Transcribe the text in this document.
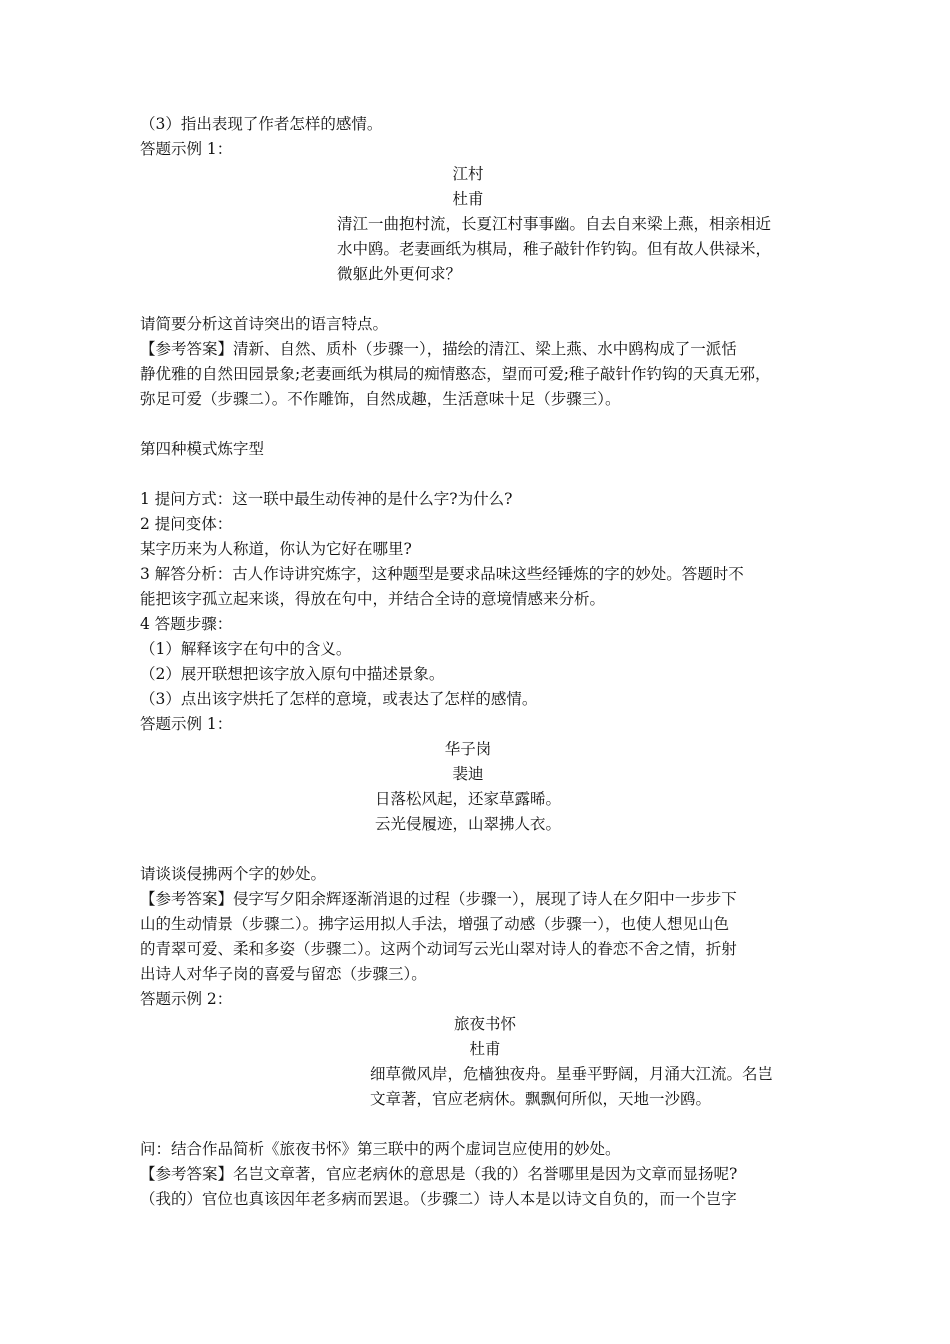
（3）指出表现了作者怎样的感情。
答题示例 1：
江村
杜甫
清江一曲抱村流，长夏江村事事幽。自去自来梁上燕，相亲相近
水中鸥。老妻画纸为棋局，稚子敲针作钓钩。但有故人供禄米，
微躯此外更何求？
请简要分析这首诗突出的语言特点。
【参考答案】清新、自然、质朴（步骤一），描绘的清江、梁上燕、水中鸥构成了一派恬
静优雅的自然田园景象;老妻画纸为棋局的痴情憨态，望而可爱;稚子敲针作钓钩的天真无邪，
弥足可爱（步骤二）。不作雕饰，自然成趣，生活意味十足（步骤三）。
第四种模式炼字型
1 提问方式：这一联中最生动传神的是什么字?为什么?
2 提问变体：
某字历来为人称道，你认为它好在哪里?
3 解答分析：古人作诗讲究炼字，这种题型是要求品味这些经锤炼的字的妙处。答题时不
能把该字孤立起来谈，得放在句中，并结合全诗的意境情感来分析。
4 答题步骤：
（1）解释该字在句中的含义。
（2）展开联想把该字放入原句中描述景象。
（3）点出该字烘托了怎样的意境，或表达了怎样的感情。
答题示例 1：
华子岗
裴迪
日落松风起，还家草露晞。
云光侵履迹，山翠拂人衣。
请谈谈侵拂两个字的妙处。
【参考答案】侵字写夕阳余辉逐渐消退的过程（步骤一），展现了诗人在夕阳中一步步下
山的生动情景（步骤二）。拂字运用拟人手法，增强了动感（步骤一），也使人想见山色
的青翠可爱、柔和多姿（步骤二）。这两个动词写云光山翠对诗人的眷恋不舍之情，折射
出诗人对华子岗的喜爱与留恋（步骤三）。
答题示例 2：
旅夜书怀
杜甫
细草微风岸，危樯独夜舟。星垂平野阔，月涌大江流。名岂
文章著，官应老病休。飘飘何所似，天地一沙鸥。
问：结合作品简析《旅夜书怀》第三联中的两个虚词岂应使用的妙处。
【参考答案】名岂文章著，官应老病休的意思是（我的）名誉哪里是因为文章而显扬呢?
（我的）官位也真该因年老多病而罢退。（步骤二）诗人本是以诗文自负的，而一个岂字
